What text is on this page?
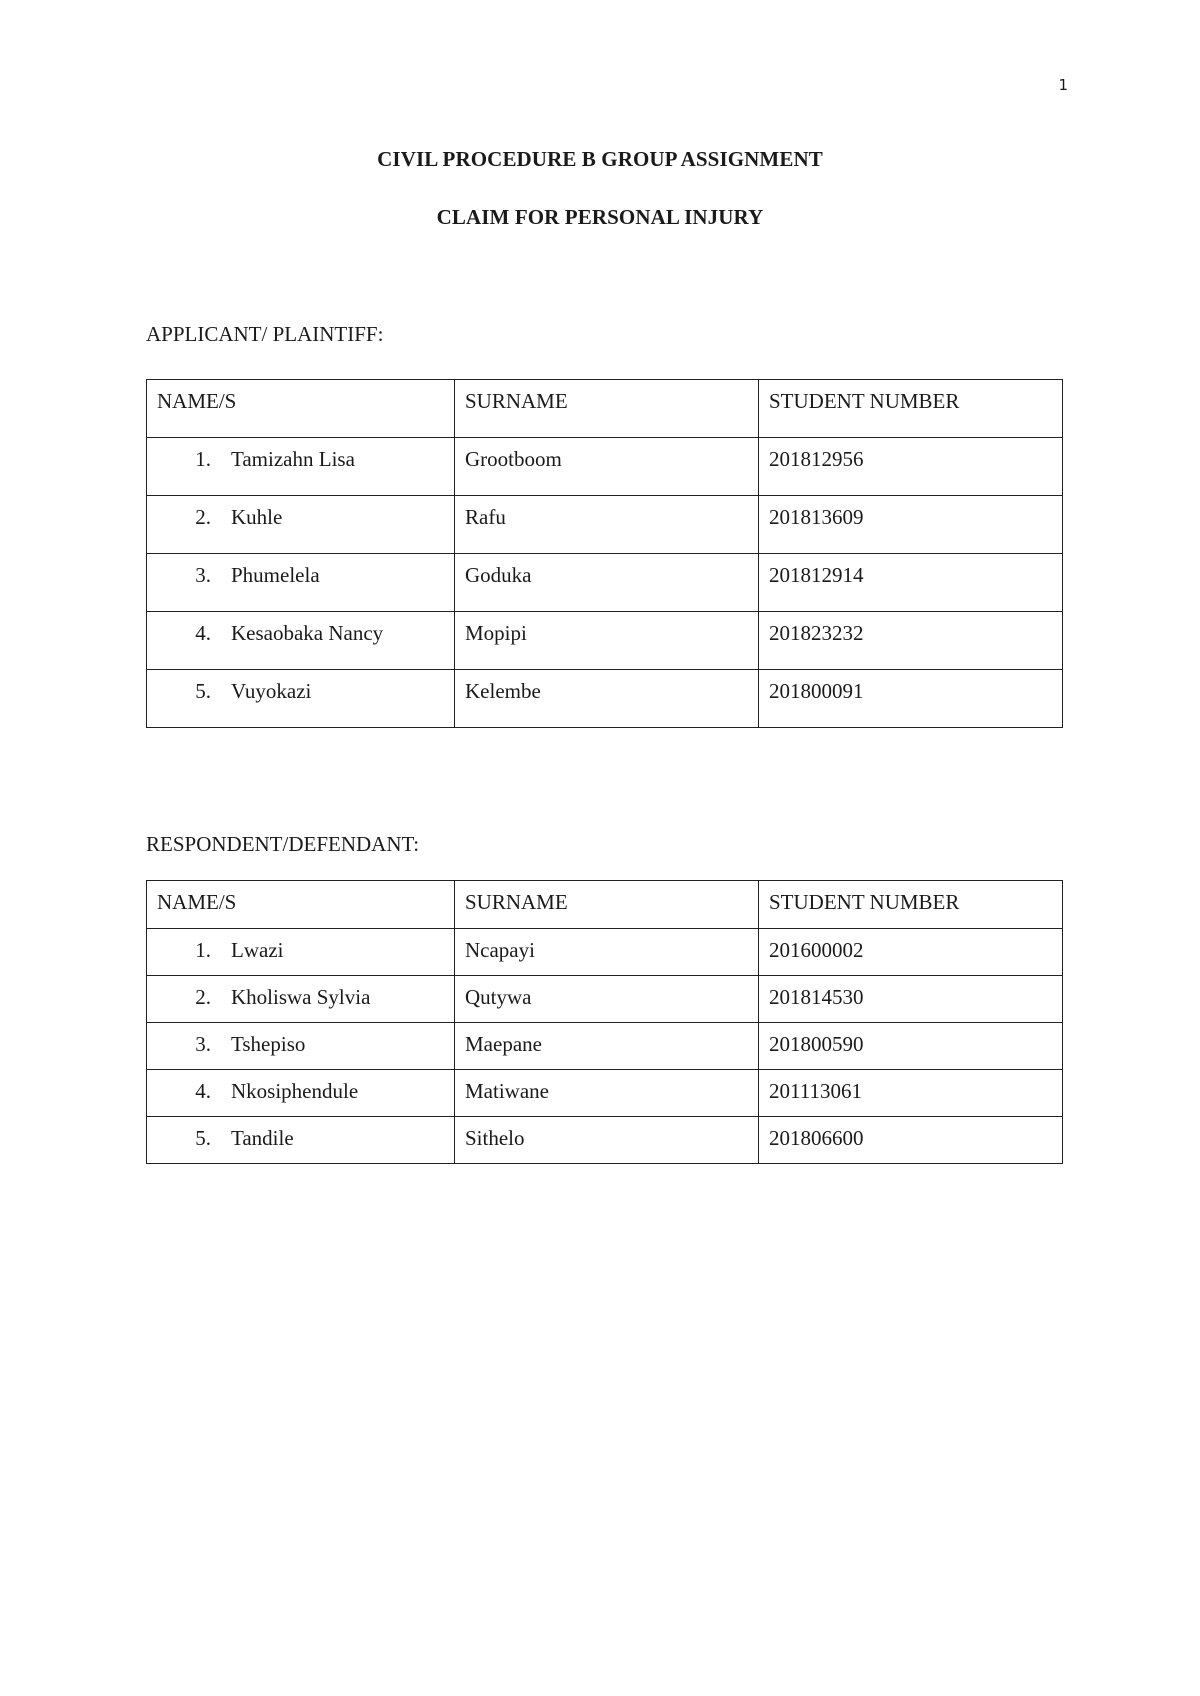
1
CIVIL PROCEDURE B GROUP ASSIGNMENT
CLAIM FOR PERSONAL INJURY
APPLICANT/ PLAINTIFF:
NAME/S	SURNAME	STUDENT NUMBER
1. Tamizahn Lisa	Grootboom	201812956
2. Kuhle	Rafu	201813609
3. Phumelela	Goduka	201812914
4. Kesaobaka Nancy	Mopipi	201823232
5. Vuyokazi	Kelembe	201800091
RESPONDENT/DEFENDANT:
NAME/S	SURNAME	STUDENT NUMBER
1. Lwazi	Ncapayi	201600002
2. Kholiswa Sylvia	Qutywa	201814530
3. Tshepiso	Maepane	201800590
4. Nkosiphendule	Matiwane	201113061
5. Tandile	Sithelo	201806600
